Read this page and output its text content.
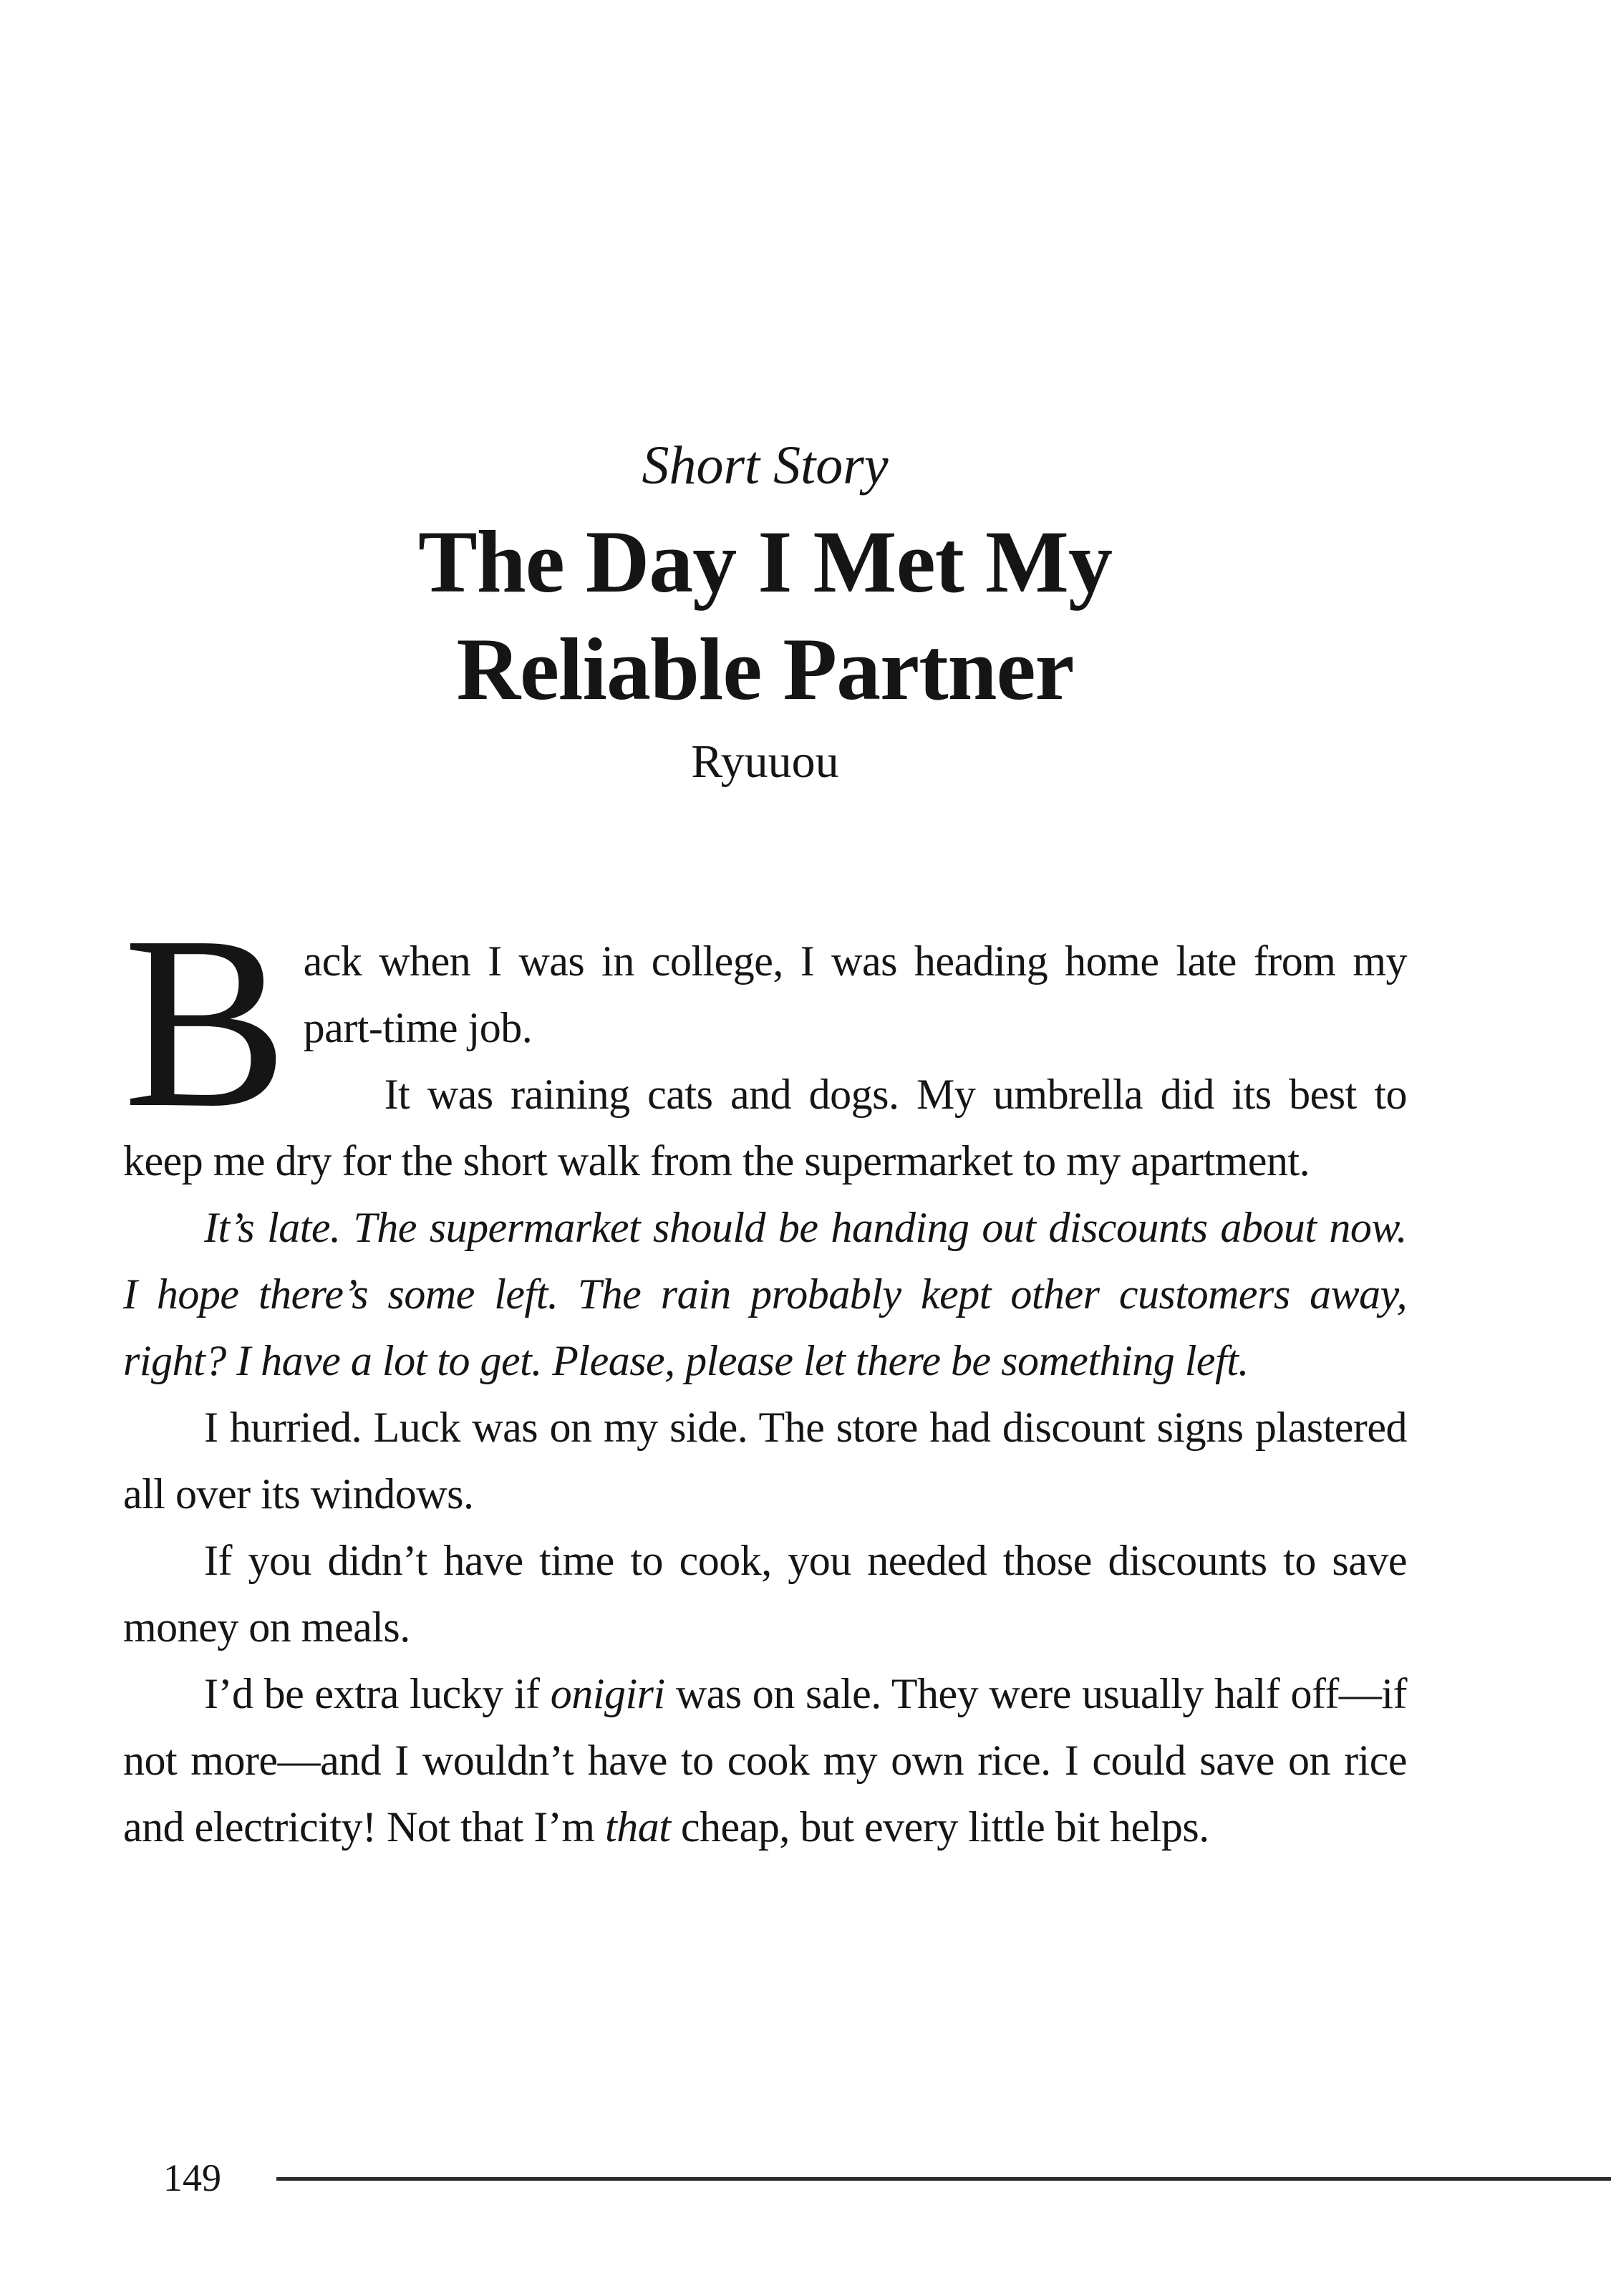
Short Story
The Day I Met My
Reliable Partner
Ryuuou

Back when I was in college, I was heading home late from my part-time job.

It was raining cats and dogs. My umbrella did its best to keep me dry for the short walk from the supermarket to my apartment.

It’s late. The supermarket should be handing out discounts about now. I hope there’s some left. The rain probably kept other customers away, right? I have a lot to get. Please, please let there be something left.

I hurried. Luck was on my side. The store had discount signs plastered all over its windows.

If you didn’t have time to cook, you needed those discounts to save money on meals.

I’d be extra lucky if onigiri was on sale. They were usually half off—if not more—and I wouldn’t have to cook my own rice. I could save on rice and electricity! Not that I’m that cheap, but every little bit helps.

149
